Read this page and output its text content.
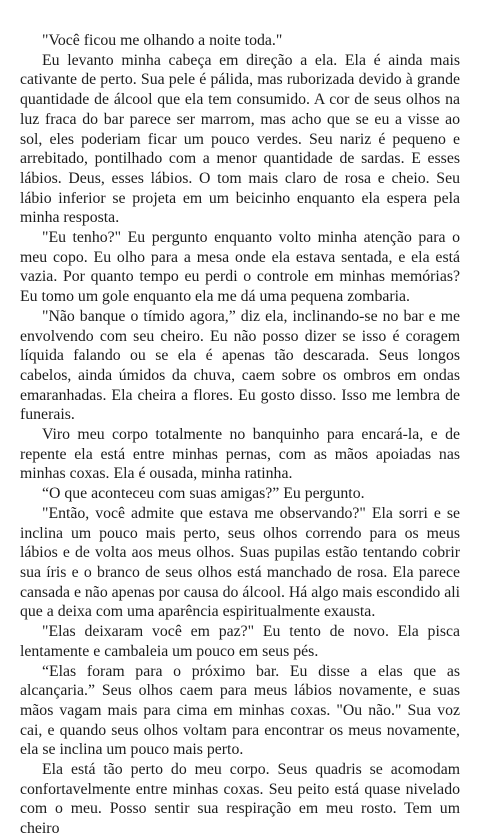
"Você ficou me olhando a noite toda."

Eu levanto minha cabeça em direção a ela. Ela é ainda mais cativante de perto. Sua pele é pálida, mas ruborizada devido à grande quantidade de álcool que ela tem consumido. A cor de seus olhos na luz fraca do bar parece ser marrom, mas acho que se eu a visse ao sol, eles poderiam ficar um pouco verdes. Seu nariz é pequeno e arrebitado, pontilhado com a menor quantidade de sardas. E esses lábios. Deus, esses lábios. O tom mais claro de rosa e cheio. Seu lábio inferior se projeta em um beicinho enquanto ela espera pela minha resposta.

"Eu tenho?" Eu pergunto enquanto volto minha atenção para o meu copo. Eu olho para a mesa onde ela estava sentada, e ela está vazia. Por quanto tempo eu perdi o controle em minhas memórias? Eu tomo um gole enquanto ela me dá uma pequena zombaria.

"Não banque o tímido agora,” diz ela, inclinando-se no bar e me envolvendo com seu cheiro. Eu não posso dizer se isso é coragem líquida falando ou se ela é apenas tão descarada. Seus longos cabelos, ainda úmidos da chuva, caem sobre os ombros em ondas emaranhadas. Ela cheira a flores. Eu gosto disso. Isso me lembra de funerais.

Viro meu corpo totalmente no banquinho para encará-la, e de repente ela está entre minhas pernas, com as mãos apoiadas nas minhas coxas. Ela é ousada, minha ratinha.

“O que aconteceu com suas amigas?” Eu pergunto.

"Então, você admite que estava me observando?" Ela sorri e se inclina um pouco mais perto, seus olhos correndo para os meus lábios e de volta aos meus olhos. Suas pupilas estão tentando cobrir sua íris e o branco de seus olhos está manchado de rosa. Ela parece cansada e não apenas por causa do álcool. Há algo mais escondido ali que a deixa com uma aparência espiritualmente exausta.

"Elas deixaram você em paz?" Eu tento de novo. Ela pisca lentamente e cambaleia um pouco em seus pés.

“Elas foram para o próximo bar. Eu disse a elas que as alcançaria.” Seus olhos caem para meus lábios novamente, e suas mãos vagam mais para cima em minhas coxas. "Ou não." Sua voz cai, e quando seus olhos voltam para encontrar os meus novamente, ela se inclina um pouco mais perto.

Ela está tão perto do meu corpo. Seus quadris se acomodam confortavelmente entre minhas coxas. Seu peito está quase nivelado com o meu. Posso sentir sua respiração em meu rosto. Tem um cheiro
